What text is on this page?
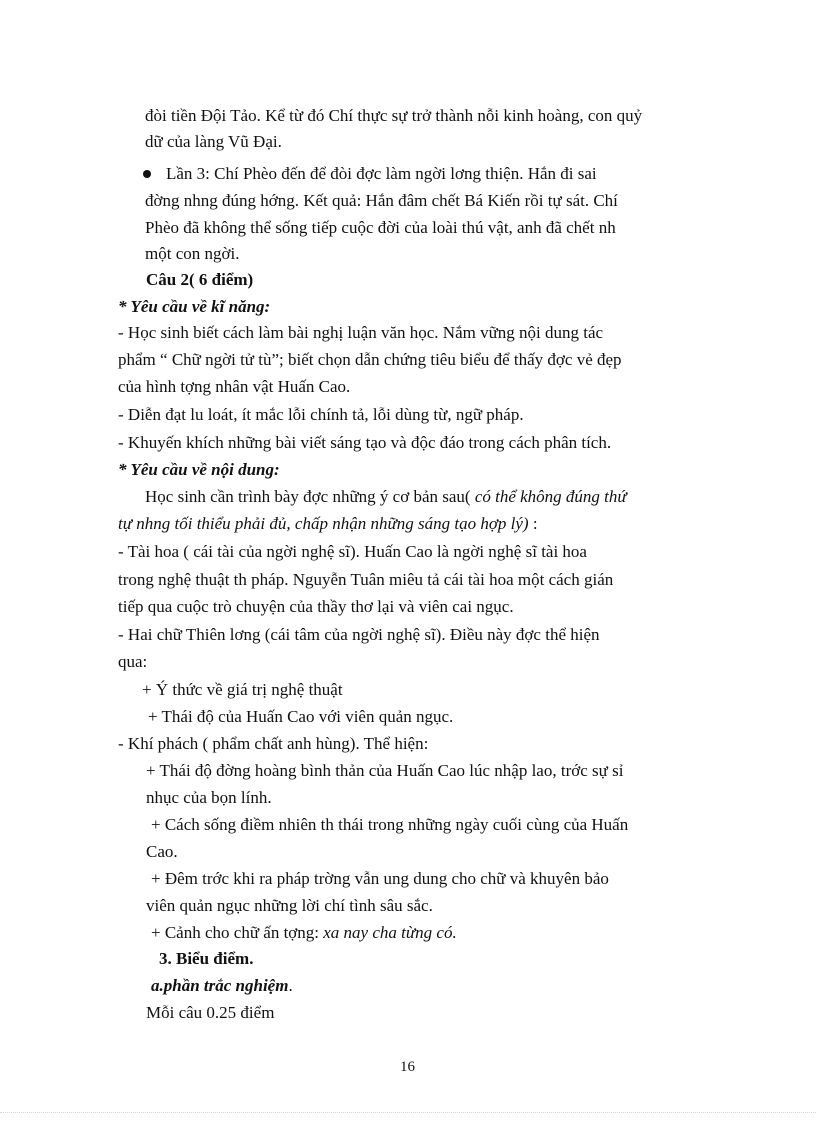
đòi tiền Đội Tảo. Kể từ đó Chí thực sự trở thành nỗi kinh hoàng, con quỷ
dữ của làng Vũ Đại.
Lần 3: Chí Phèo đến để đòi đợc làm ngời lơng thiện. Hắn đi sai
đờng nhng đúng hớng. Kết quả: Hắn đâm chết Bá Kiến rồi tự sát. Chí
Phèo đã không thể sống tiếp cuộc đời của loài thú vật, anh đã chết nh
một con ngời.
Câu 2( 6 điểm)
* Yêu cầu về kĩ năng:
- Học sinh biết cách làm bài nghị luận văn học. Nắm vững nội dung tác
phẩm “ Chữ ngời tử tù”; biết chọn dẫn chứng tiêu biểu để thấy đợc vẻ đẹp
của hình tợng nhân vật Huấn Cao.
- Diễn đạt lu loát, ít mắc lỗi chính tả, lỗi dùng từ, ngữ pháp.
- Khuyến khích những bài viết sáng tạo và độc đáo trong cách phân tích.
* Yêu cầu về nội dung:
Học sinh cần trình bày đợc những ý cơ bản sau( có thể không đúng thứ
tự nhng tối thiểu phải đủ, chấp nhận những sáng tạo hợp lý) :
- Tài hoa ( cái tài của ngời nghệ sĩ). Huấn Cao là ngời nghệ sĩ tài hoa
trong nghệ thuật th pháp. Nguyễn Tuân miêu tả cái tài hoa một cách gián
tiếp qua cuộc trò chuyện của thầy thơ lại và viên cai ngục.
- Hai chữ Thiên lơng (cái tâm của ngời nghệ sĩ). Điều này đợc thể hiện
qua:
+ Ý thức về giá trị nghệ thuật
+ Thái độ của Huấn Cao với viên quản ngục.
- Khí phách ( phẩm chất anh hùng). Thể hiện:
+ Thái độ đờng hoàng bình thản của Huấn Cao lúc nhập lao, trớc sự sỉ
nhục của bọn lính.
+ Cách sống điềm nhiên th thái trong những ngày cuối cùng của Huấn
Cao.
+ Đêm trớc khi ra pháp trờng vẫn ung dung cho chữ và khuyên bảo
viên quản ngục những lời chí tình sâu sắc.
+ Cảnh cho chữ ấn tợng: xa nay cha từng có.
3. Biểu điểm.
a.phần trắc nghiệm.
Mỗi câu 0.25 điểm
16
